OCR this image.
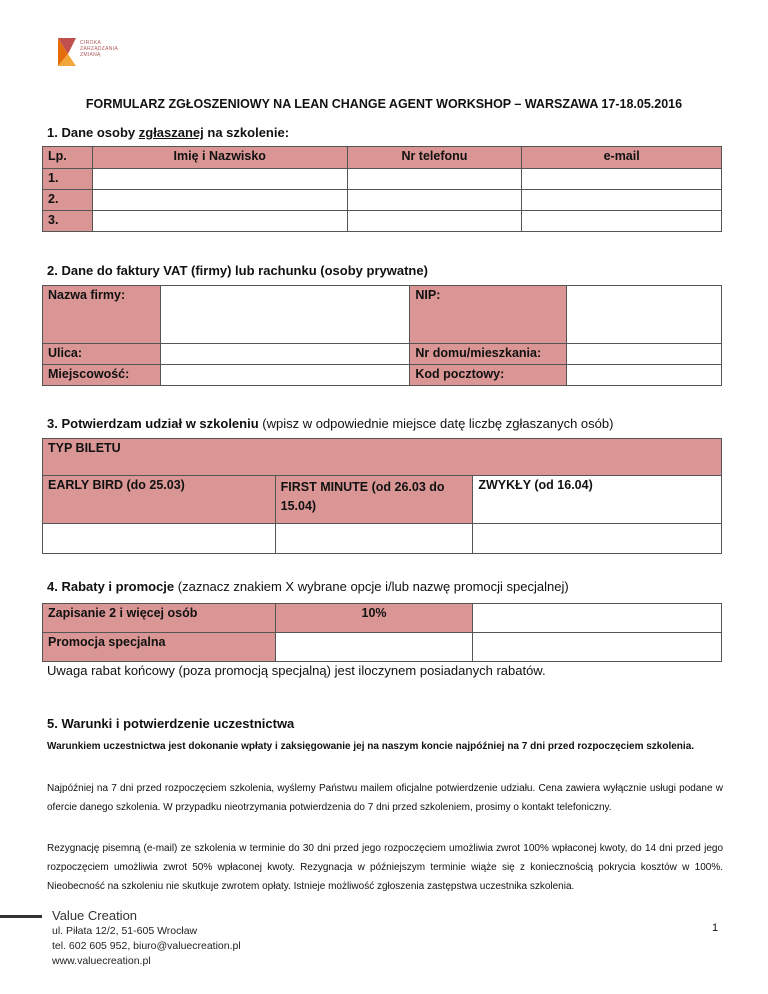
CIROKA
ZARZĄDZANIA
ZMIANĄ
FORMULARZ ZGŁOSZENIOWY NA LEAN CHANGE AGENT WORKSHOP – WARSZAWA 17-18.05.2016
1. Dane osoby zgłaszanej na szkolenie:
Lp.	Imię i Nazwisko	Nr telefonu	e-mail
1.			
2.			
3.			
2. Dane do faktury VAT (firmy) lub rachunku (osoby prywatne)
Nazwa firmy:		NIP:	
Ulica:		Nr domu/mieszkania:	
Miejscowość:		Kod pocztowy:	
3. Potwierdzam udział w szkoleniu (wpisz w odpowiednie miejsce datę liczbę zgłaszanych osób)
TYP BILETU		
EARLY BIRD (do 25.03)	FIRST MINUTE (od 26.03 do 15.04)	ZWYKŁY (od 16.04)

4. Rabaty i promocje (zaznacz znakiem X wybrane opcje i/lub nazwę promocji specjalnej)
Zapisanie 2 i więcej osób	10%	
Promocja specjalna		
Uwaga rabat końcowy (poza promocją specjalną) jest iloczynem posiadanych rabatów.
5. Warunki i potwierdzenie uczestnictwa
Warunkiem uczestnictwa jest dokonanie wpłaty i zaksięgowanie jej na naszym koncie najpóźniej na 7 dni przed rozpoczęciem szkolenia.
Najpóźniej na 7 dni przed rozpoczęciem szkolenia, wyślemy Państwu mailem oficjalne potwierdzenie udziału. Cena zawiera wyłącznie usługi podane w ofercie danego szkolenia. W przypadku nieotrzymania potwierdzenia do 7 dni przed szkoleniem, prosimy o kontakt telefoniczny.
Rezygnację pisemną (e-mail) ze szkolenia w terminie do 30 dni przed jego rozpoczęciem umożliwia zwrot 100% wpłaconej kwoty, do 14 dni przed jego rozpoczęciem umożliwia zwrot 50% wpłaconej kwoty. Rezygnacja w późniejszym terminie wiąże się z koniecznością pokrycia kosztów w 100%. Nieobecność na szkoleniu nie skutkuje zwrotem opłaty. Istnieje możliwość zgłoszenia zastępstwa uczestnika szkolenia.
Value Creation
ul. Piłata 12/2, 51-605 Wrocław
tel. 602 605 952, biuro@valuecreation.pl
www.valuecreation.pl
1
